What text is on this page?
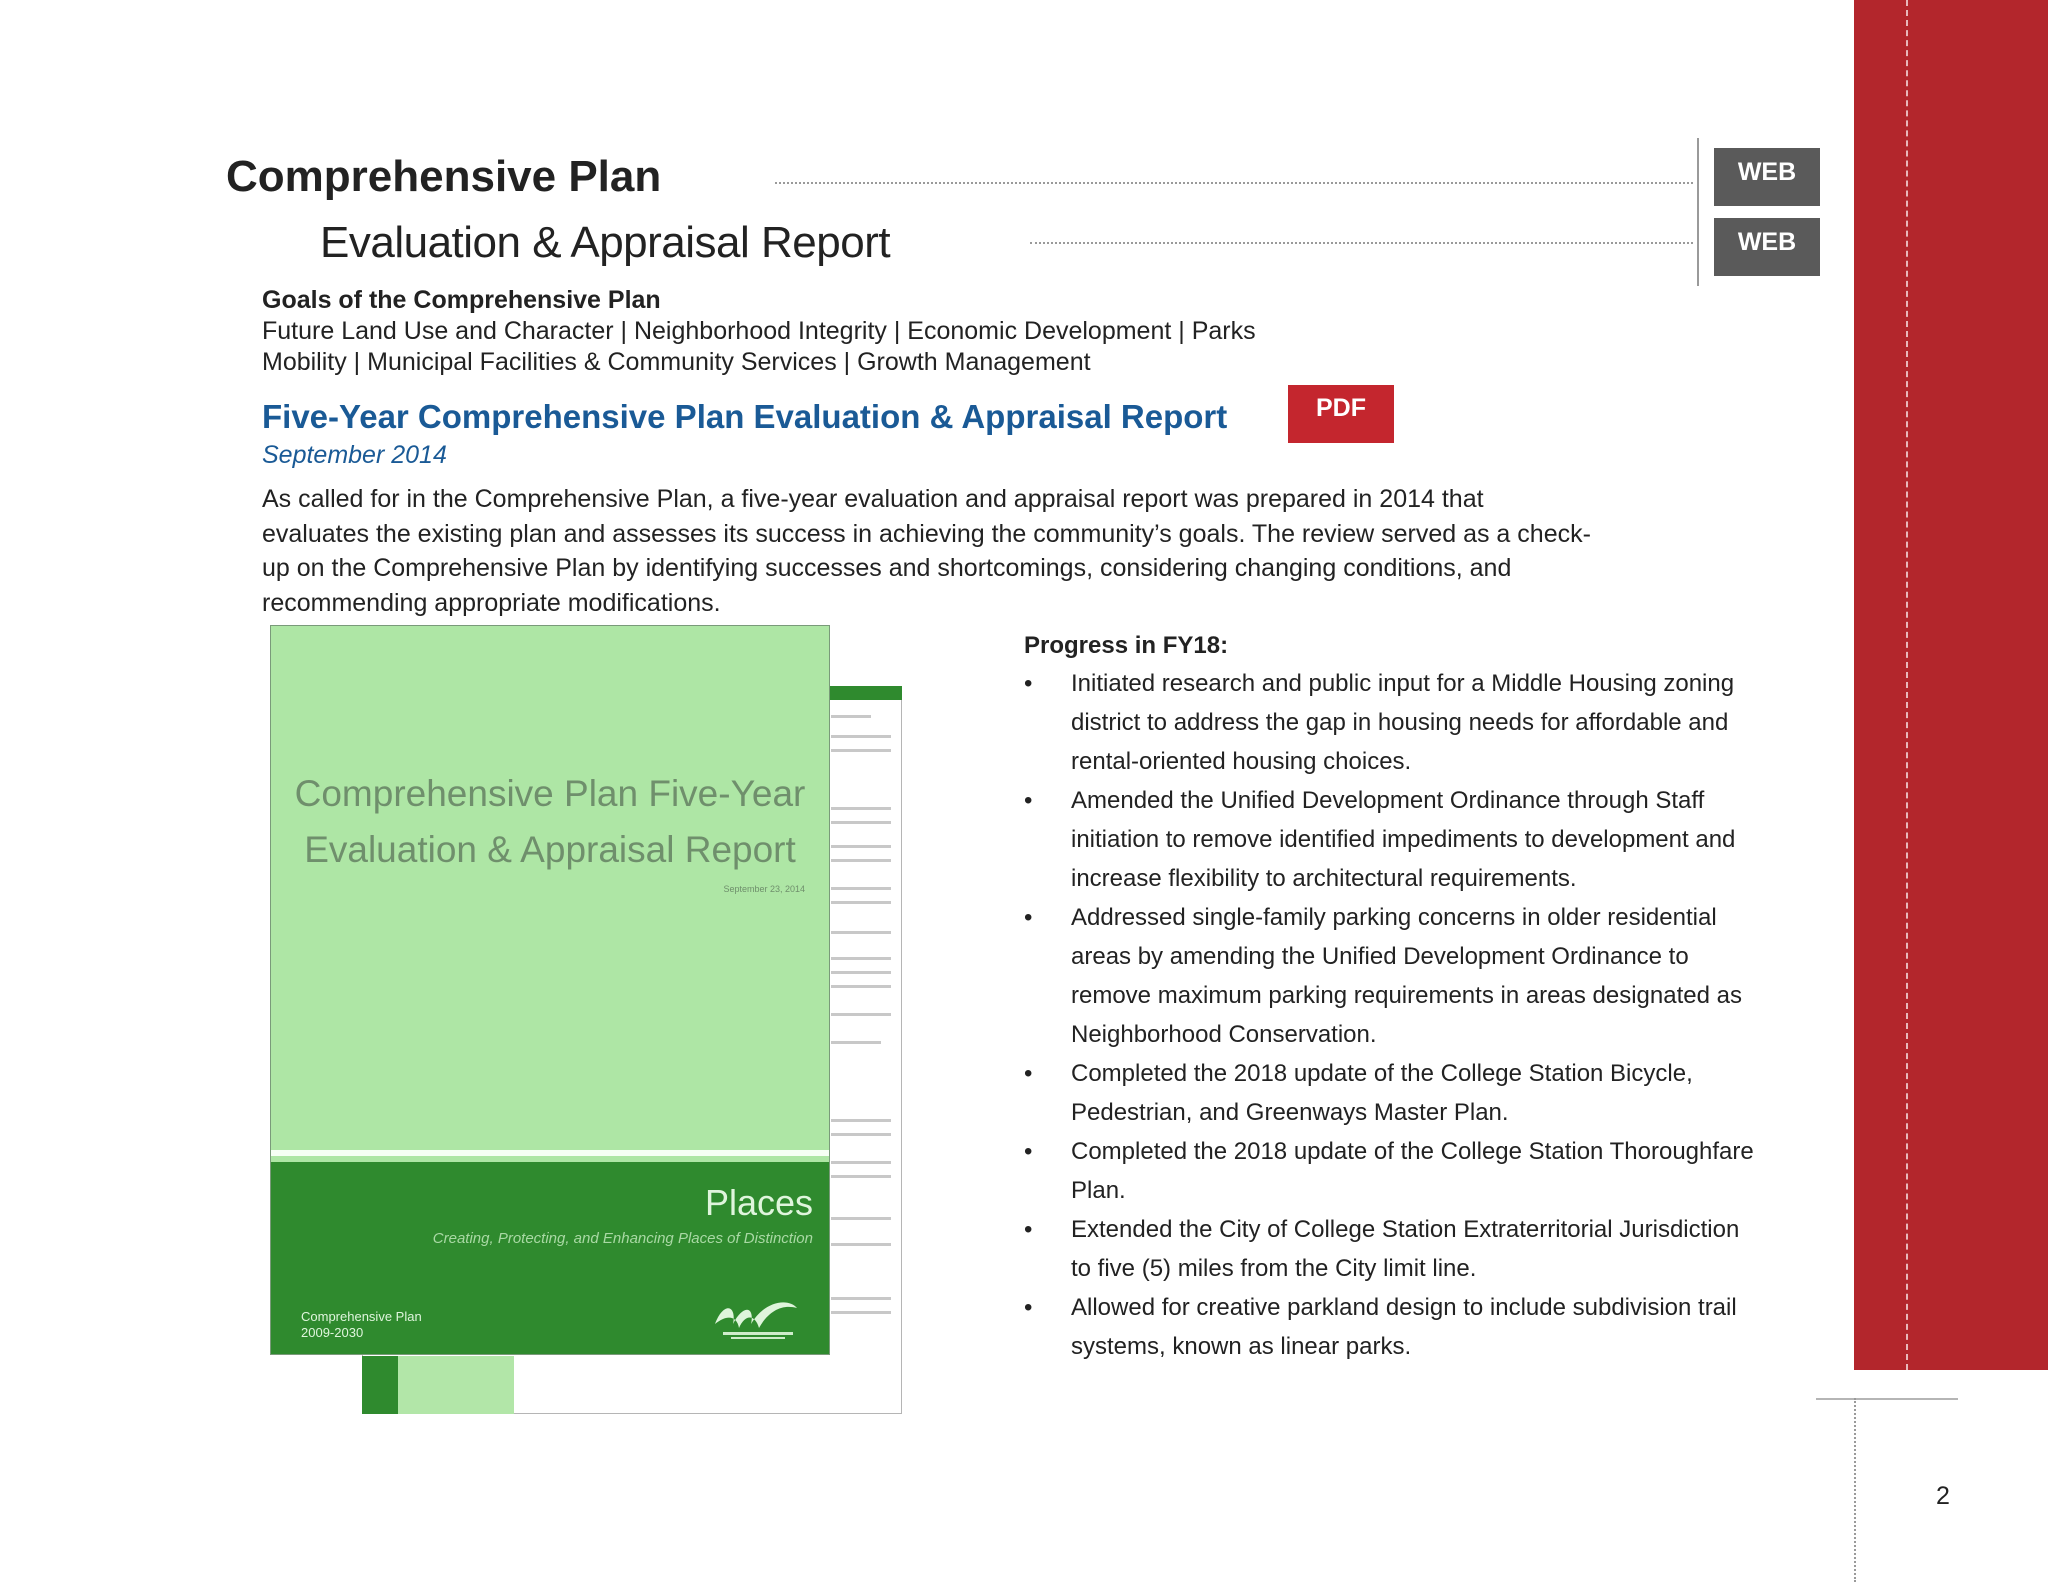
Comprehensive Plan
Evaluation & Appraisal Report
WEB
WEB
Goals of the Comprehensive Plan
Future Land Use and Character | Neighborhood Integrity | Economic Development | Parks
Mobility | Municipal Facilities & Community Services | Growth Management
Five-Year Comprehensive Plan Evaluation & Appraisal Report	PDF
September 2014
As called for in the Comprehensive Plan, a five-year evaluation and appraisal report was prepared in 2014 that evaluates the existing plan and assesses its success in achieving the community’s goals. The review served as a check-up on the Comprehensive Plan by identifying successes and shortcomings, considering changing conditions, and recommending appropriate modifications.
Comprehensive Plan Five-Year
Evaluation & Appraisal Report
September 23, 2014
Places
Creating, Protecting, and Enhancing Places of Distinction
Comprehensive Plan
2009-2030
Progress in FY18:
• Initiated research and public input for a Middle Housing zoning district to address the gap in housing needs for affordable and rental-oriented housing choices.
• Amended the Unified Development Ordinance through Staff initiation to remove identified impediments to development and increase flexibility to architectural requirements.
• Addressed single-family parking concerns in older residential areas by amending the Unified Development Ordinance to remove maximum parking requirements in areas designated as Neighborhood Conservation.
• Completed the 2018 update of the College Station Bicycle, Pedestrian, and Greenways Master Plan.
• Completed the 2018 update of the College Station Thoroughfare Plan.
• Extended the City of College Station Extraterritorial Jurisdiction to five (5) miles from the City limit line.
• Allowed for creative parkland design to include subdivision trail systems, known as linear parks.
2
